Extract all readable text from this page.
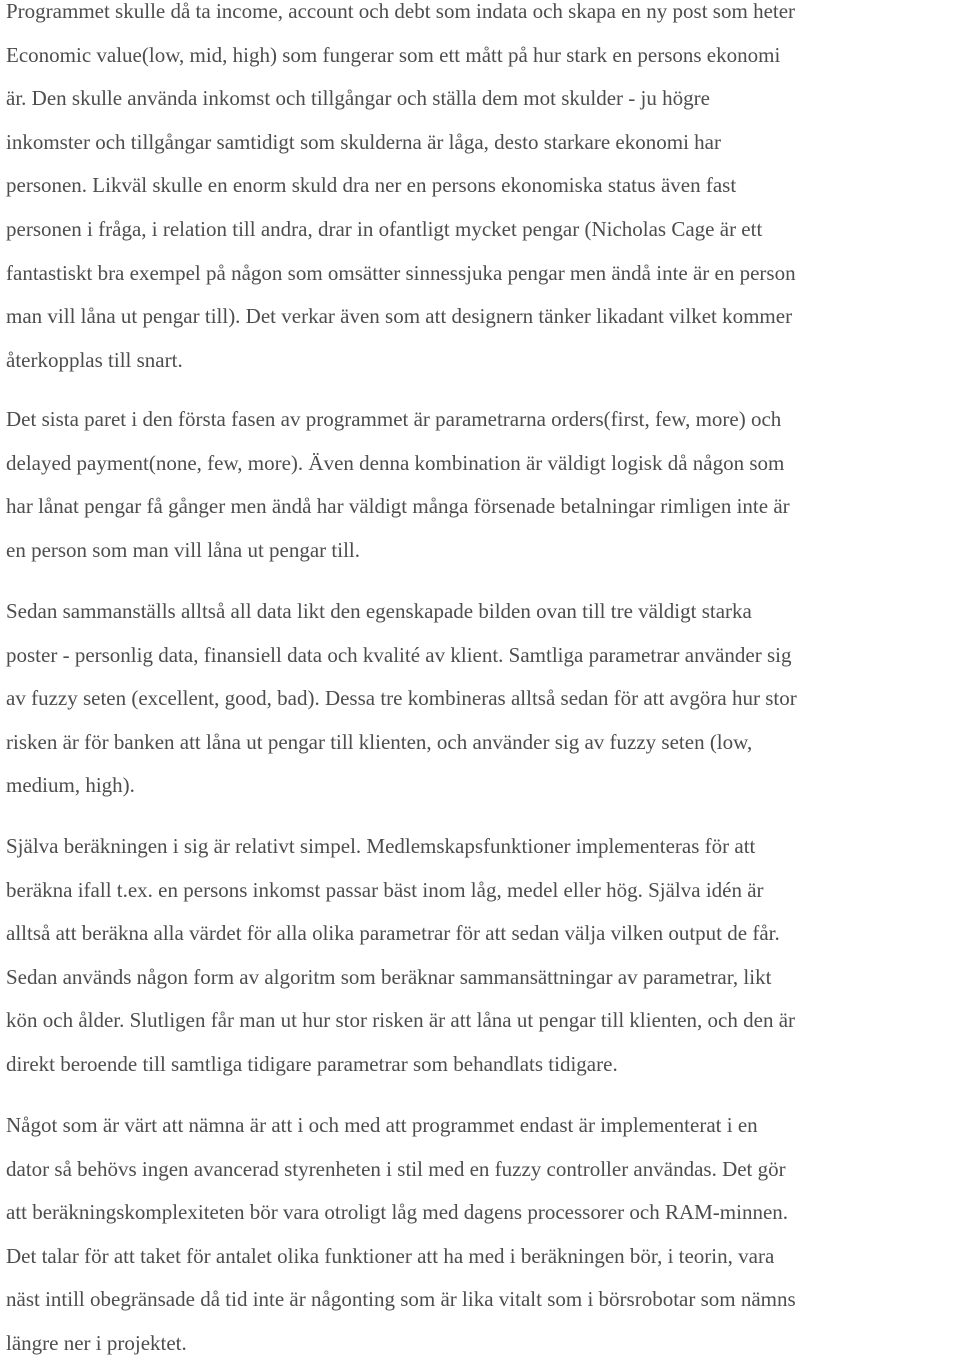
Programmet skulle då ta income, account och debt som indata och skapa en ny post som heter
Economic value(low, mid, high) som fungerar som ett mått på hur stark en persons ekonomi
är. Den skulle använda inkomst och tillgångar och ställa dem mot skulder - ju högre
inkomster och tillgångar samtidigt som skulderna är låga, desto starkare ekonomi har
personen. Likväl skulle en enorm skuld dra ner en persons ekonomiska status även fast
personen i fråga, i relation till andra, drar in ofantligt mycket pengar (Nicholas Cage är ett
fantastiskt bra exempel på någon som omsätter sinnessjuka pengar men ändå inte är en person
man vill låna ut pengar till). Det verkar även som att designern tänker likadant vilket kommer
återkopplas till snart.

Det sista paret i den första fasen av programmet är parametrarna orders(first, few, more) och
delayed payment(none, few, more). Även denna kombination är väldigt logisk då någon som
har lånat pengar få gånger men ändå har väldigt många försenade betalningar rimligen inte är
en person som man vill låna ut pengar till.

Sedan sammanställs alltså all data likt den egenskapade bilden ovan till tre väldigt starka
poster - personlig data, finansiell data och kvalité av klient. Samtliga parametrar använder sig
av fuzzy seten (excellent, good, bad). Dessa tre kombineras alltså sedan för att avgöra hur stor
risken är för banken att låna ut pengar till klienten, och använder sig av fuzzy seten (low,
medium, high).

Själva beräkningen i sig är relativt simpel. Medlemskapsfunktioner implementeras för att
beräkna ifall t.ex. en persons inkomst passar bäst inom låg, medel eller hög. Själva idén är
alltså att beräkna alla värdet för alla olika parametrar för att sedan välja vilken output de får.
Sedan används någon form av algoritm som beräknar sammansättningar av parametrar, likt
kön och ålder. Slutligen får man ut hur stor risken är att låna ut pengar till klienten, och den är
direkt beroende till samtliga tidigare parametrar som behandlats tidigare.

Något som är värt att nämna är att i och med att programmet endast är implementerat i en
dator så behövs ingen avancerad styrenheten i stil med en fuzzy controller användas. Det gör
att beräkningskomplexiteten bör vara otroligt låg med dagens processorer och RAM-minnen.
Det talar för att taket för antalet olika funktioner att ha med i beräkningen bör, i teorin, vara
näst intill obegränsade då tid inte är någonting som är lika vitalt som i börsrobotar som nämns
längre ner i projektet.
